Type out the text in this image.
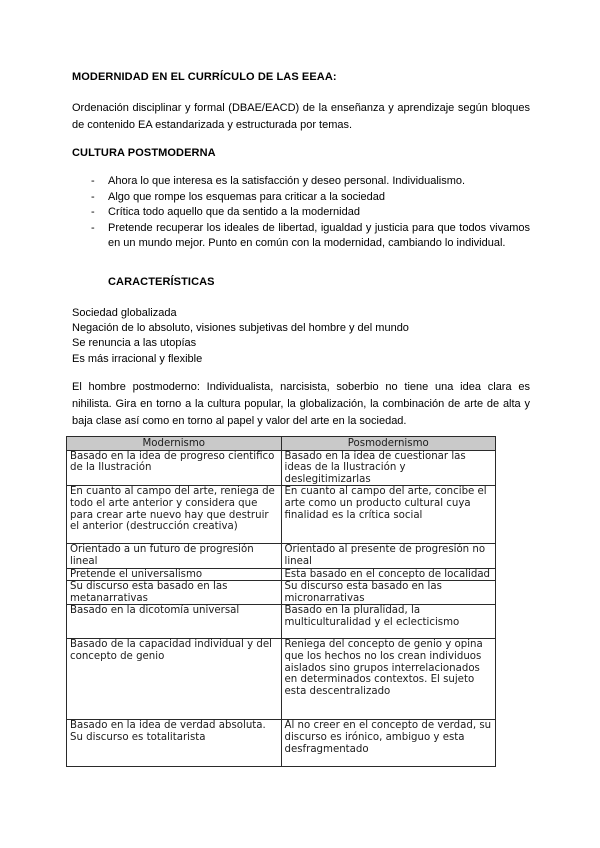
MODERNIDAD EN EL CURRÍCULO DE LAS EEAA:
Ordenación disciplinar y formal (DBAE/EACD) de la enseñanza y aprendizaje según bloques de contenido EA estandarizada y estructurada por temas.
CULTURA POSTMODERNA
- Ahora lo que interesa es la satisfacción y deseo personal. Individualismo.
- Algo que rompe los esquemas para criticar a la sociedad
- Crítica todo aquello que da sentido a la modernidad
- Pretende recuperar los ideales de libertad, igualdad y justicia para que todos vivamos en un mundo mejor. Punto en común con la modernidad, cambiando lo individual.
CARACTERÍSTICAS
Sociedad globalizada
Negación de lo absoluto, visiones subjetivas del hombre y del mundo
Se renuncia a las utopías
Es más irracional y flexible
El hombre postmoderno: Individualista, narcisista, soberbio no tiene una idea clara es nihilista. Gira en torno a la cultura popular, la globalización, la combinación de arte de alta y baja clase así como en torno al papel y valor del arte en la sociedad.
Modernismo	Posmodernismo
Basado en la idea de progreso cientifico de la Ilustración	Basado en la idea de cuestionar las ideas de la Ilustración y deslegitimizarlas
En cuanto al campo del arte, reniega de todo el arte anterior y considera que para crear arte nuevo hay que destruir el anterior (destrucción creativa)	En cuanto al campo del arte, concibe el arte como un producto cultural cuya finalidad es la crítica social
Orientado a un futuro de progresión lineal	Orientado al presente de progresión no lineal
Pretende el universalismo	Esta basado en el concepto de localidad
Su discurso esta basado en las metanarrativas	Su discurso esta basado en las micronarrativas
Basado en la dicotomía universal	Basado en la pluralidad, la multiculturalidad y el eclecticismo
Basado de la capacidad individual y del concepto de genio	Reniega del concepto de genio y opina que los hechos no los crean individuos aislados sino grupos interrelacionados en determinados contextos. El sujeto esta descentralizado
Basado en la idea de verdad absoluta. Su discurso es totalitarista	Al no creer en el concepto de verdad, su discurso es irónico, ambiguo y esta desfragmentado
